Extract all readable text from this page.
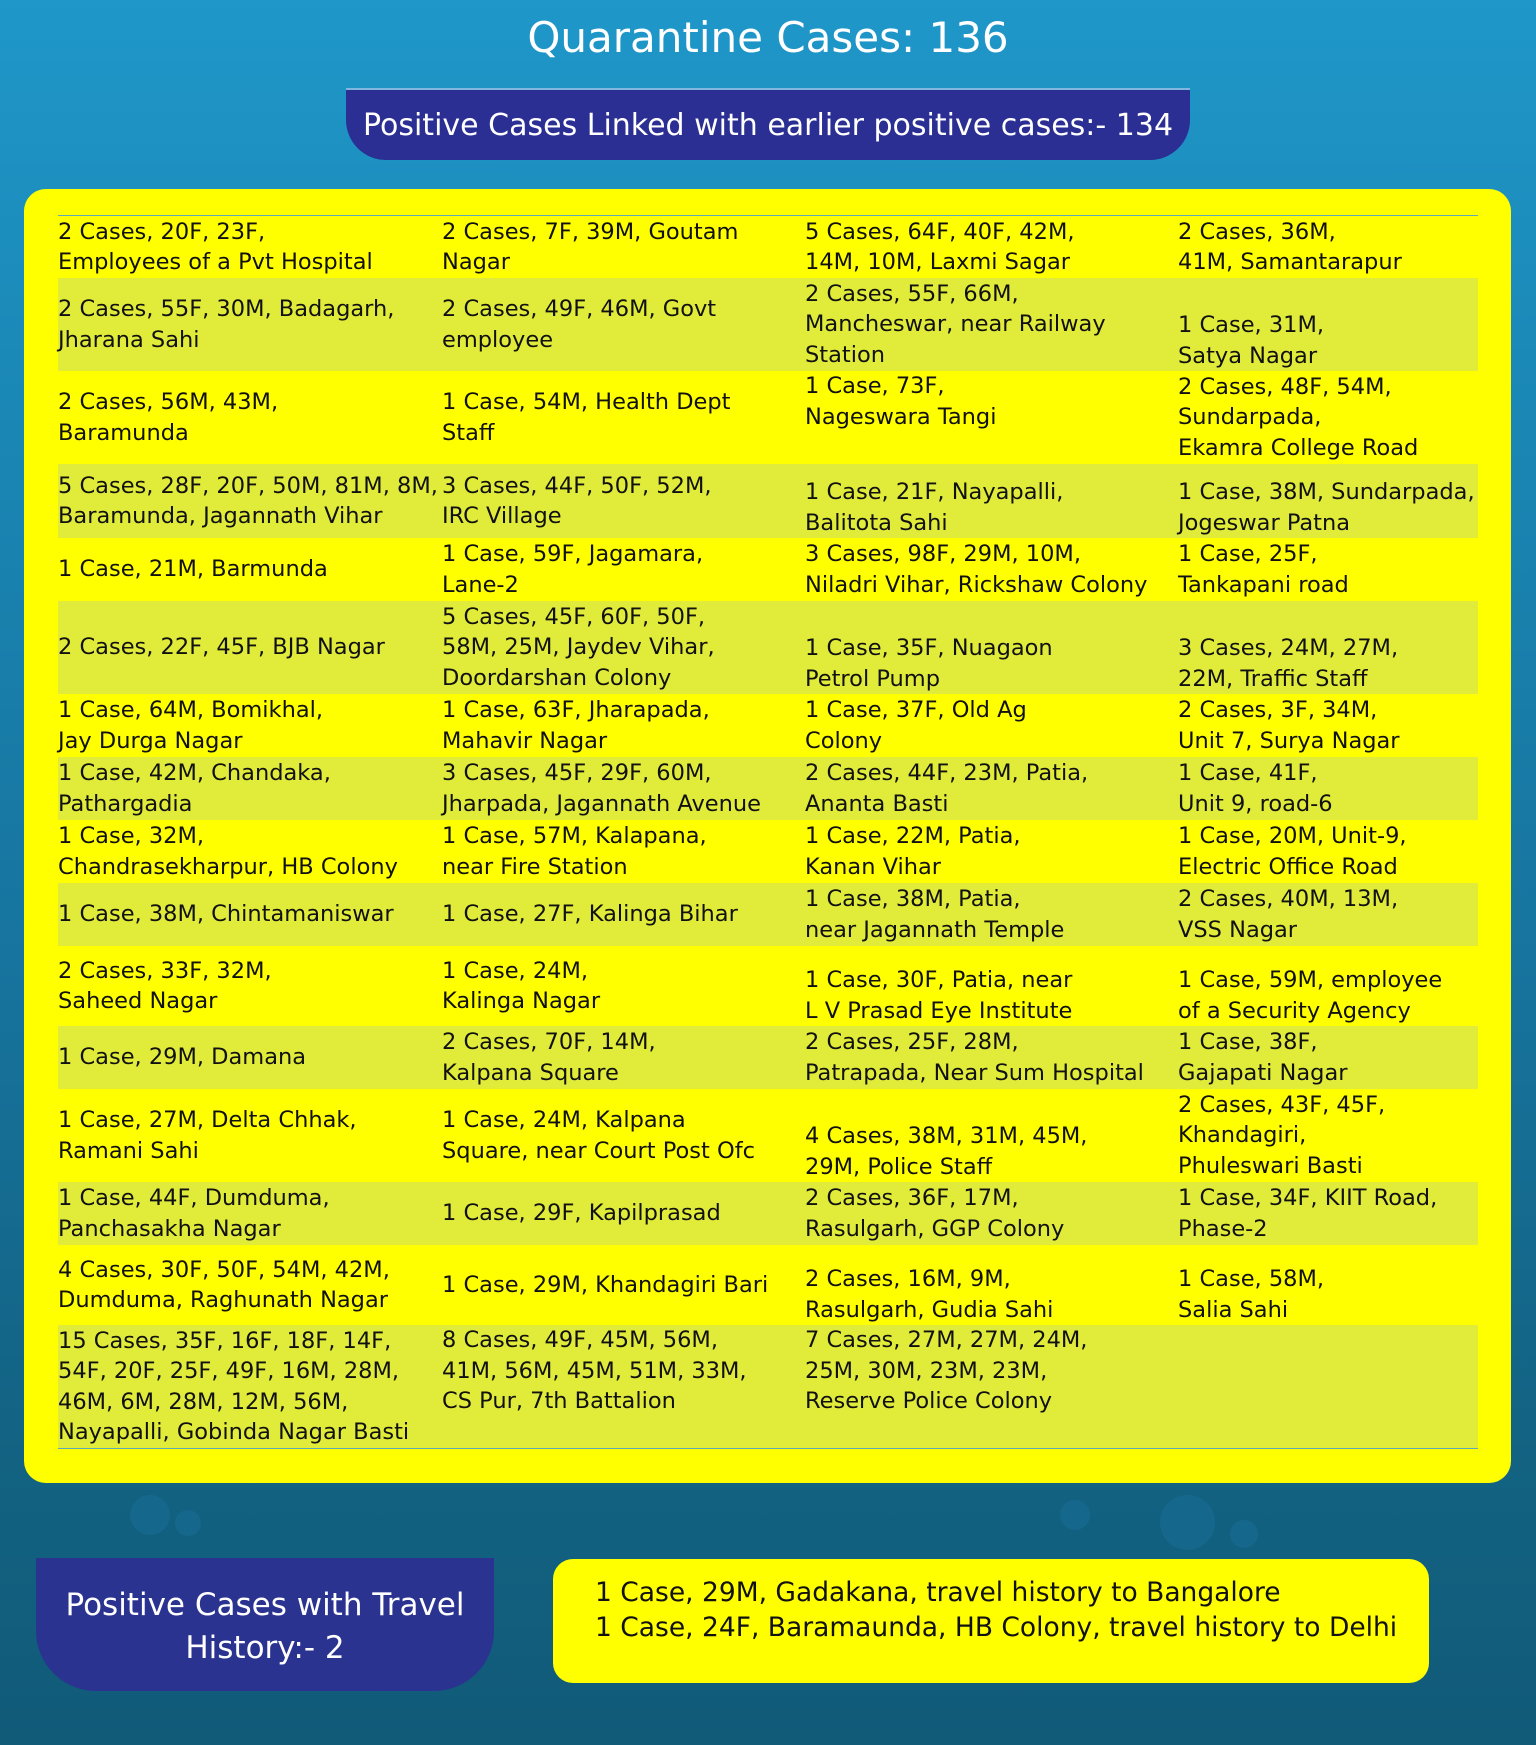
Quarantine Cases: 136
Positive Cases Linked with earlier positive cases:- 134
2 Cases, 20F, 23F,
Employees of a Pvt Hospital
2 Cases, 7F, 39M, Goutam
Nagar
5 Cases, 64F, 40F, 42M,
14M, 10M, Laxmi Sagar
2 Cases, 36M,
41M, Samantarapur
2 Cases, 55F, 30M, Badagarh,
Jharana Sahi
2 Cases, 49F, 46M, Govt
employee
2 Cases, 55F, 66M,
Mancheswar, near Railway
Station
1 Case, 31M,
Satya Nagar
2 Cases, 56M, 43M,
Baramunda
1 Case, 54M, Health Dept
Staff
1 Case, 73F,
Nageswara Tangi
2 Cases, 48F, 54M,
Sundarpada,
Ekamra College Road
5 Cases, 28F, 20F, 50M, 81M, 8M,
Baramunda, Jagannath Vihar
3 Cases, 44F, 50F, 52M,
IRC Village
1 Case, 21F, Nayapalli,
Balitota Sahi
1 Case, 38M, Sundarpada,
Jogeswar Patna
1 Case, 21M, Barmunda
1 Case, 59F, Jagamara,
Lane-2
3 Cases, 98F, 29M, 10M,
Niladri Vihar, Rickshaw Colony
1 Case, 25F,
Tankapani road
2 Cases, 22F, 45F, BJB Nagar
5 Cases, 45F, 60F, 50F,
58M, 25M, Jaydev Vihar,
Doordarshan Colony
1 Case, 35F, Nuagaon
Petrol Pump
3 Cases, 24M, 27M,
22M, Traffic Staff
1 Case, 64M, Bomikhal,
Jay Durga Nagar
1 Case, 63F, Jharapada,
Mahavir Nagar
1 Case, 37F, Old Ag
Colony
2 Cases, 3F, 34M,
Unit 7, Surya Nagar
1 Case, 42M, Chandaka,
Pathargadia
3 Cases, 45F, 29F, 60M,
Jharpada, Jagannath Avenue
2 Cases, 44F, 23M, Patia,
Ananta Basti
1 Case, 41F,
Unit 9, road-6
1 Case, 32M,
Chandrasekharpur, HB Colony
1 Case, 57M, Kalapana,
near Fire Station
1 Case, 22M, Patia,
Kanan Vihar
1 Case, 20M, Unit-9,
Electric Office Road
1 Case, 38M, Chintamaniswar	1 Case, 27F, Kalinga Bihar
1 Case, 38M, Patia,
near Jagannath Temple
2 Cases, 40M, 13M,
VSS Nagar
2 Cases, 33F, 32M,
Saheed Nagar
1 Case, 24M,
Kalinga Nagar
1 Case, 30F, Patia, near
L V Prasad Eye Institute
1 Case, 59M, employee
of a Security Agency
1 Case, 29M, Damana
2 Cases, 70F, 14M,
Kalpana Square
2 Cases, 25F, 28M,
Patrapada, Near Sum Hospital
1 Case, 38F,
Gajapati Nagar
1 Case, 27M, Delta Chhak,
Ramani Sahi
1 Case, 24M, Kalpana
Square, near Court Post Ofc
4 Cases, 38M, 31M, 45M,
29M, Police Staff
2 Cases, 43F, 45F,
Khandagiri,
Phuleswari Basti
1 Case, 44F, Dumduma,
Panchasakha Nagar
1 Case, 29F, Kapilprasad
2 Cases, 36F, 17M,
Rasulgarh, GGP Colony
1 Case, 34F, KIIT Road,
Phase-2
4 Cases, 30F, 50F, 54M, 42M,
Dumduma, Raghunath Nagar
1 Case, 29M, Khandagiri Bari	2 Cases, 16M, 9M,
Rasulgarh, Gudia Sahi
1 Case, 58M,
Salia Sahi
15 Cases, 35F, 16F, 18F, 14F,
54F, 20F, 25F, 49F, 16M, 28M,
46M, 6M, 28M, 12M, 56M,
Nayapalli, Gobinda Nagar Basti
8 Cases, 49F, 45M, 56M,
41M, 56M, 45M, 51M, 33M,
CS Pur, 7th Battalion
7 Cases, 27M, 27M, 24M,
25M, 30M, 23M, 23M,
Reserve Police Colony
Positive Cases with Travel
History:- 2
1 Case, 29M, Gadakana, travel history to Bangalore
1 Case, 24F, Baramaunda, HB Colony, travel history to Delhi
